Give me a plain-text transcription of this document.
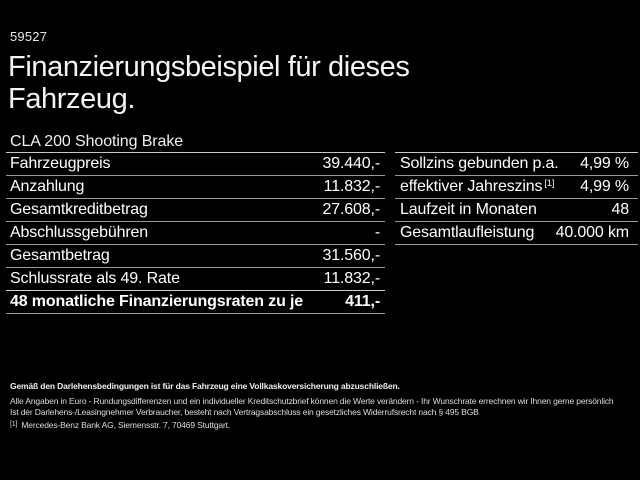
59527
Finanzierungsbeispiel für dieses
Fahrzeug.
CLA 200 Shooting Brake
Fahrzeugpreis	39.440,-
Anzahlung	11.832,-
Gesamtkreditbetrag	27.608,-
Abschlussgebühren	-
Gesamtbetrag	31.560,-
Schlussrate als 49. Rate	11.832,-
48 monatliche Finanzierungsraten zu je	411,-
Sollzins gebunden p.a. 4,99 %
effektiver Jahreszins[1] 4,99 %
Laufzeit in Monaten	48
Gesamtlaufleistung 40.000 km
Gemäß den Darlehensbedingungen ist für das Fahrzeug eine Vollkaskoversicherung abzuschließen.
Alle Angaben in Euro - Rundungsdifferenzen und ein individueller Kreditschutzbrief können die Werte verändern - Ihr Wunschrate errechnen wir Ihnen gerne persönlich
Ist der Darlehens-/Leasingnehmer Verbraucher, besteht nach Vertragsabschluss ein gesetzliches Widerrufsrecht nach § 495 BGB
[1] Mercedes-Benz Bank AG, Siemensstr. 7, 70469 Stuttgart.
